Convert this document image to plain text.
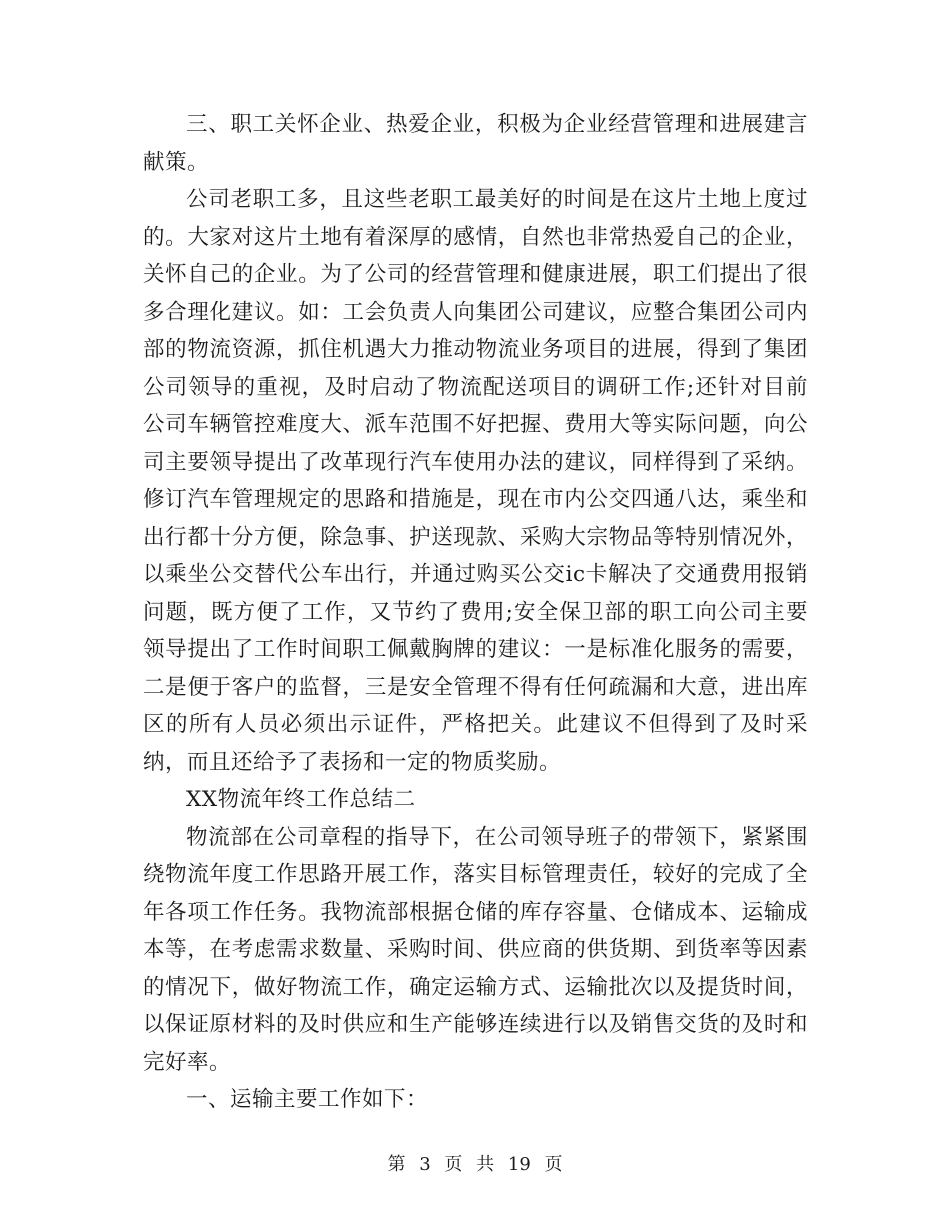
三、职工关怀企业、热爱企业，积极为企业经营管理和进展建言献策。

公司老职工多，且这些老职工最美好的时间是在这片土地上度过的。大家对这片土地有着深厚的感情，自然也非常热爱自己的企业，关怀自己的企业。为了公司的经营管理和健康进展，职工们提出了很多合理化建议。如：工会负责人向集团公司建议，应整合集团公司内部的物流资源，抓住机遇大力推动物流业务项目的进展，得到了集团公司领导的重视，及时启动了物流配送项目的调研工作;还针对目前公司车辆管控难度大、派车范围不好把握、费用大等实际问题，向公司主要领导提出了改革现行汽车使用办法的建议，同样得到了采纳。修订汽车管理规定的思路和措施是，现在市内公交四通八达，乘坐和出行都十分方便，除急事、护送现款、采购大宗物品等特别情况外，以乘坐公交替代公车出行，并通过购买公交ic卡解决了交通费用报销问题，既方便了工作，又节约了费用;安全保卫部的职工向公司主要领导提出了工作时间职工佩戴胸牌的建议：一是标准化服务的需要，二是便于客户的监督，三是安全管理不得有任何疏漏和大意，进出库区的所有人员必须出示证件，严格把关。此建议不但得到了及时采纳，而且还给予了表扬和一定的物质奖励。

XX物流年终工作总结二

物流部在公司章程的指导下，在公司领导班子的带领下，紧紧围绕物流年度工作思路开展工作，落实目标管理责任，较好的完成了全年各项工作任务。我物流部根据仓储的库存容量、仓储成本、运输成本等，在考虑需求数量、采购时间、供应商的供货期、到货率等因素的情况下，做好物流工作，确定运输方式、运输批次以及提货时间，以保证原材料的及时供应和生产能够连续进行以及销售交货的及时和完好率。

一、运输主要工作如下：

第 3 页 共 19 页
